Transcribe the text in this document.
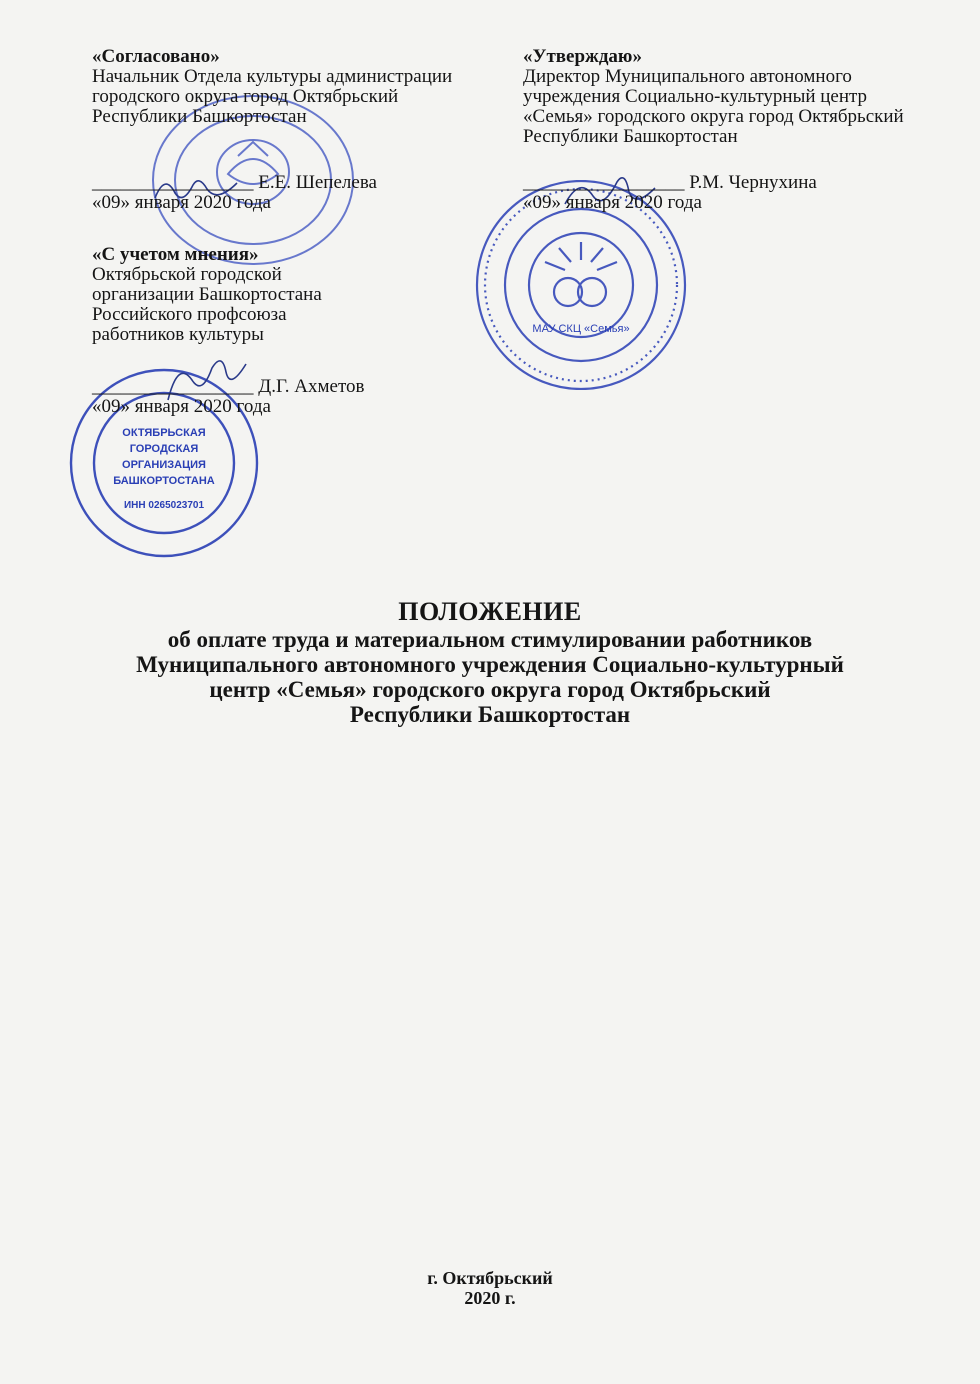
МАУ СКЦ «Семья»
ОКТЯБРЬСКАЯ
ГОРОДСКАЯ
ОРГАНИЗАЦИЯ
БАШКОРТОСТАНА
ИНН 0265023701
«Согласовано»
Начальник Отдела культуры администрации
городского округа город Октябрьский
Республики Башкортостан
_________________ Е.Е. Шепелева
«09» января 2020 года
«Утверждаю»
Директор Муниципального автономного
учреждения Социально-культурный центр
«Семья» городского округа город Октябрьский
Республики Башкортостан
_________________ Р.М. Чернухина
«09» января 2020 года
«С учетом мнения»
Октябрьской городской
организации Башкортостана
Российского профсоюза
работников культуры
_________________ Д.Г. Ахметов
«09» января 2020 года
ПОЛОЖЕНИЕ
об оплате труда и материальном стимулировании работников
Муниципального автономного учреждения Социально-культурный
центр «Семья» городского округа город Октябрьский
Республики Башкортостан
г. Октябрьский
2020 г.
